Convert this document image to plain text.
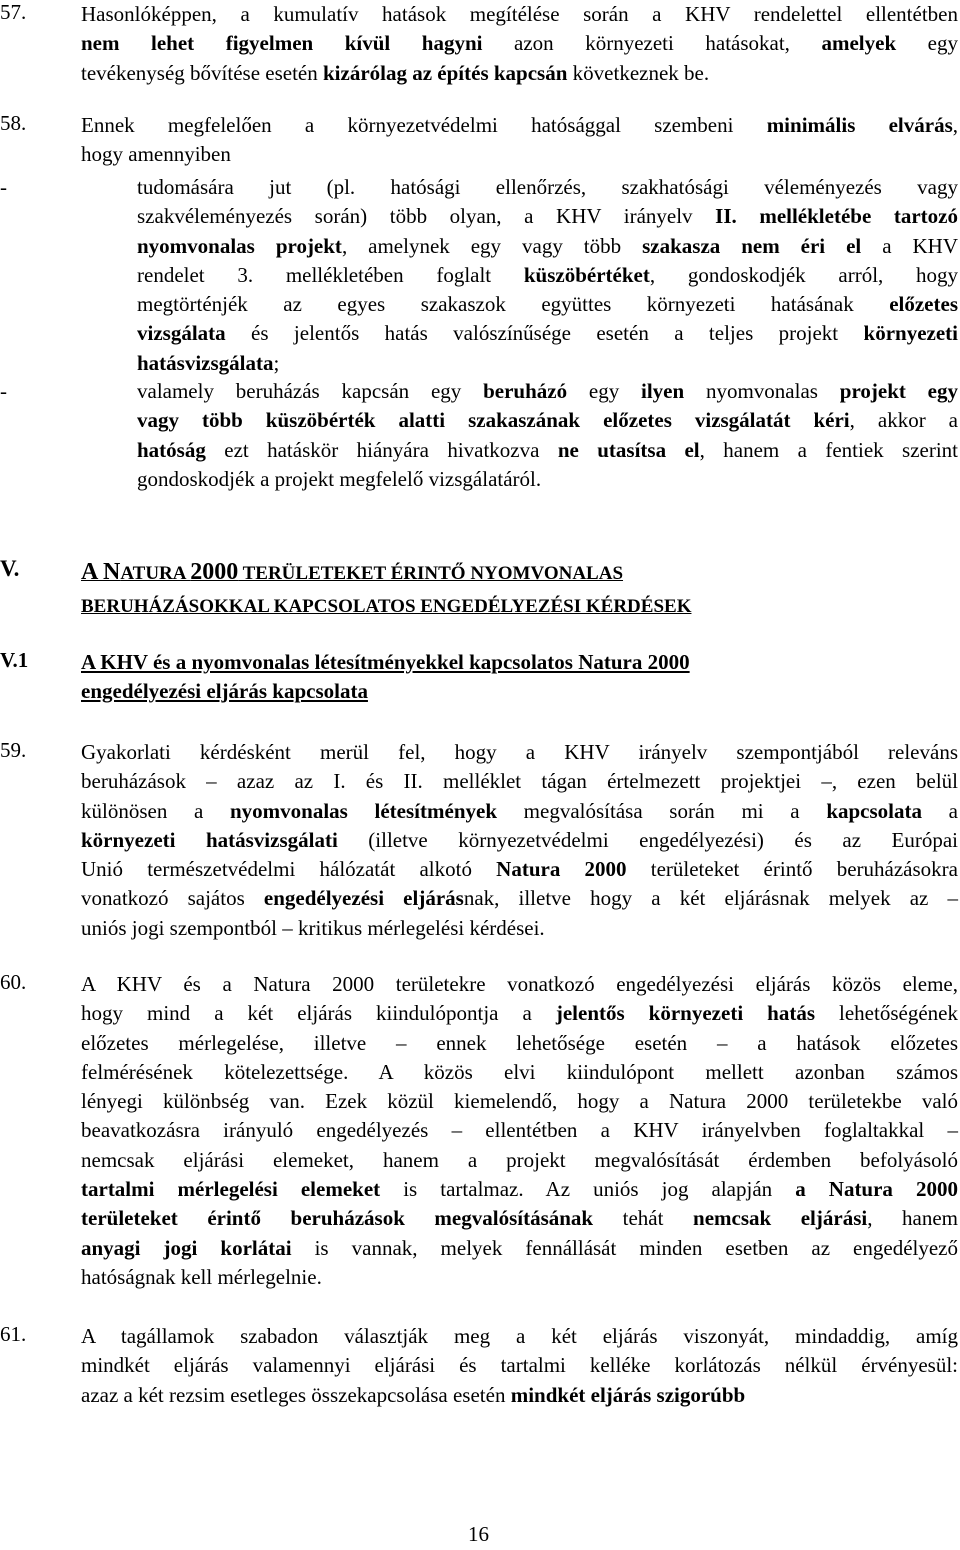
57.	Hasonlóképpen, a kumulatív hatások megítélése során a KHV rendelettel ellentétben
nem lehet figyelmen kívül hagyni azon környezeti hatásokat, amelyek egy
tevékenység bővítése esetén kizárólag az építés kapcsán következnek be.
58.	Ennek megfelelően a környezetvédelmi hatósággal szembeni minimális elvárás,
hogy amennyiben
-	tudomására jut (pl. hatósági ellenőrzés, szakhatósági véleményezés vagy
szakvéleményezés során) több olyan, a KHV irányelv II. mellékletébe tartozó
nyomvonalas projekt, amelynek egy vagy több szakasza nem éri el a KHV
rendelet 3. mellékletében foglalt küszöbértéket, gondoskodjék arról, hogy
megtörténjék az egyes szakaszok együttes környezeti hatásának előzetes
vizsgálata és jelentős hatás valószínűsége esetén a teljes projekt környezeti
hatásvizsgálata;
-	valamely beruházás kapcsán egy beruházó egy ilyen nyomvonalas projekt egy
vagy több küszöbérték alatti szakaszának előzetes vizsgálatát kéri, akkor a
hatóság ezt hatáskör hiányára hivatkozva ne utasítsa el, hanem a fentiek szerint
gondoskodjék a projekt megfelelő vizsgálatáról.
V.	A NATURA 2000 TERÜLETEKET ÉRINTŐ NYOMVONALAS
BERUHÁZÁSOKKAL KAPCSOLATOS ENGEDÉLYEZÉSI KÉRDÉSEK
V.1	A KHV és a nyomvonalas létesítményekkel kapcsolatos Natura 2000
engedélyezési eljárás kapcsolata
59.	Gyakorlati kérdésként merül fel, hogy a KHV irányelv szempontjából releváns
beruházások – azaz az I. és II. melléklet tágan értelmezett projektjei –, ezen belül
különösen a nyomvonalas létesítmények megvalósítása során mi a kapcsolata a
környezeti hatásvizsgálati (illetve környezetvédelmi engedélyezési) és az Európai
Unió természetvédelmi hálózatát alkotó Natura 2000 területeket érintő beruházásokra
vonatkozó sajátos engedélyezési eljárásnak, illetve hogy a két eljárásnak melyek az –
uniós jogi szempontból – kritikus mérlegelési kérdései.
60.	A KHV és a Natura 2000 területekre vonatkozó engedélyezési eljárás közös eleme,
hogy mind a két eljárás kiindulópontja a jelentős környezeti hatás lehetőségének
előzetes mérlegelése, illetve – ennek lehetősége esetén – a hatások előzetes
felmérésének kötelezettsége. A közös elvi kiindulópont mellett azonban számos
lényegi különbség van. Ezek közül kiemelendő, hogy a Natura 2000 területekbe való
beavatkozásra irányuló engedélyezés – ellentétben a KHV irányelvben foglaltakkal –
nemcsak eljárási elemeket, hanem a projekt megvalósítását érdemben befolyásoló
tartalmi mérlegelési elemeket is tartalmaz. Az uniós jog alapján a Natura 2000
területeket érintő beruházások megvalósításának tehát nemcsak eljárási, hanem
anyagi jogi korlátai is vannak, melyek fennállását minden esetben az engedélyező
hatóságnak kell mérlegelnie.
61.	A tagállamok szabadon választják meg a két eljárás viszonyát, mindaddig, amíg
mindkét eljárás valamennyi eljárási és tartalmi kelléke korlátozás nélkül érvényesül:
azaz a két rezsim esetleges összekapcsolása esetén mindkét eljárás szigorúbb
16
